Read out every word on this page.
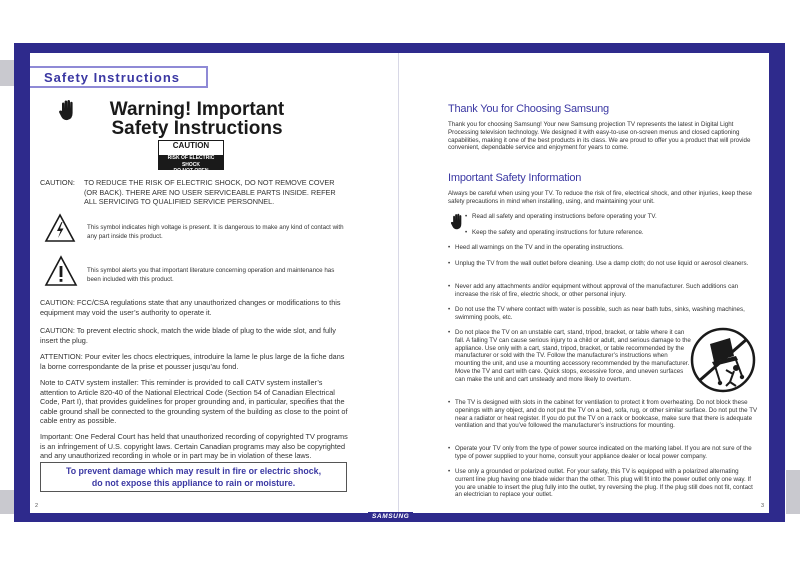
Safety Instructions
Warning! Important
Safety Instructions
CAUTION
RISK OF ELECTRIC SHOCK
DO NOT OPEN
CAUTION: TO REDUCE THE RISK OF ELECTRIC SHOCK, DO NOT REMOVE COVER (OR BACK). THERE ARE NO USER SERVICEABLE PARTS INSIDE. REFER ALL SERVICING TO QUALIFIED SERVICE PERSONNEL.
This symbol indicates high voltage is present. It is dangerous to make any kind of contact with any part inside this product.
This symbol alerts you that important literature concerning operation and maintenance has been included with this product.
CAUTION: FCC/CSA regulations state that any unauthorized changes or modifications to this equipment may void the user’s authority to operate it.
CAUTION: To prevent electric shock, match the wide blade of plug to the wide slot, and fully insert the plug.
ATTENTION: Pour eviter les chocs electriques, introduire la lame le plus large de la fiche dans la borne correspondante de la prise et pousser jusqu’au fond.
Note to CATV system installer: This reminder is provided to call CATV system installer’s attention to Article 820-40 of the National Electrical Code (Section 54 of Canadian Electrical Code, Part I), that provides guidelines for proper grounding and, in particular, specifies that the cable ground shall be connected to the grounding system of the building as close to the point of cable entry as possible.
Important: One Federal Court has held that unauthorized recording of copyrighted TV programs is an infringement of U.S. copyright laws. Certain Canadian programs may also be copyrighted and any unauthorized recording in whole or in part may be in violation of these laws.
To prevent damage which may result in fire or electric shock,
do not expose this appliance to rain or moisture.
2	3
SAMSUNG
Thank You for Choosing Samsung
Thank you for choosing Samsung! Your new Samsung projection TV represents the latest in Digital Light Processing television technology. We designed it with easy-to-use on-screen menus and closed captioning capabilities, making it one of the best products in its class. We are proud to offer you a product that will provide convenient, dependable service and enjoyment for years to come.
Important Safety Information
Always be careful when using your TV. To reduce the risk of fire, electrical shock, and other injuries, keep these safety precautions in mind when installing, using, and maintaining your unit.
• Read all safety and operating instructions before operating your TV.
• Keep the safety and operating instructions for future reference.
• Heed all warnings on the TV and in the operating instructions.
• Unplug the TV from the wall outlet before cleaning. Use a damp cloth; do not use liquid or aerosol cleaners.
• Never add any attachments and/or equipment without approval of the manufacturer. Such additions can increase the risk of fire, electric shock, or other personal injury.
• Do not use the TV where contact with water is possible, such as near bath tubs, sinks, washing machines, swimming pools, etc.
• Do not place the TV on an unstable cart, stand, tripod, bracket, or table where it can fall. A falling TV can cause serious injury to a child or adult, and serious damage to the appliance. Use only with a cart, stand, tripod, bracket, or table recommended by the manufacturer or sold with the TV. Follow the manufacturer’s instructions when mounting the unit, and use a mounting accessory recommended by the manufacturer. Move the TV and cart with care. Quick stops, excessive force, and uneven surfaces can make the unit and cart unsteady and more likely to overturn.
• The TV is designed with slots in the cabinet for ventilation to protect it from overheating. Do not block these openings with any object, and do not put the TV on a bed, sofa, rug, or other similar surface. Do not put the TV near a radiator or heat register. If you do put the TV on a rack or bookcase, make sure that there is adequate ventilation and that you’ve followed the manufacturer’s instructions for mounting.
• Operate your TV only from the type of power source indicated on the marking label. If you are not sure of the type of power supplied to your home, consult your appliance dealer or local power company.
• Use only a grounded or polarized outlet. For your safety, this TV is equipped with a polarized alternating current line plug having one blade wider than the other. This plug will fit into the power outlet only one way. If you are unable to insert the plug fully into the outlet, try reversing the plug. If the plug still does not fit, contact an electrician to replace your outlet.
